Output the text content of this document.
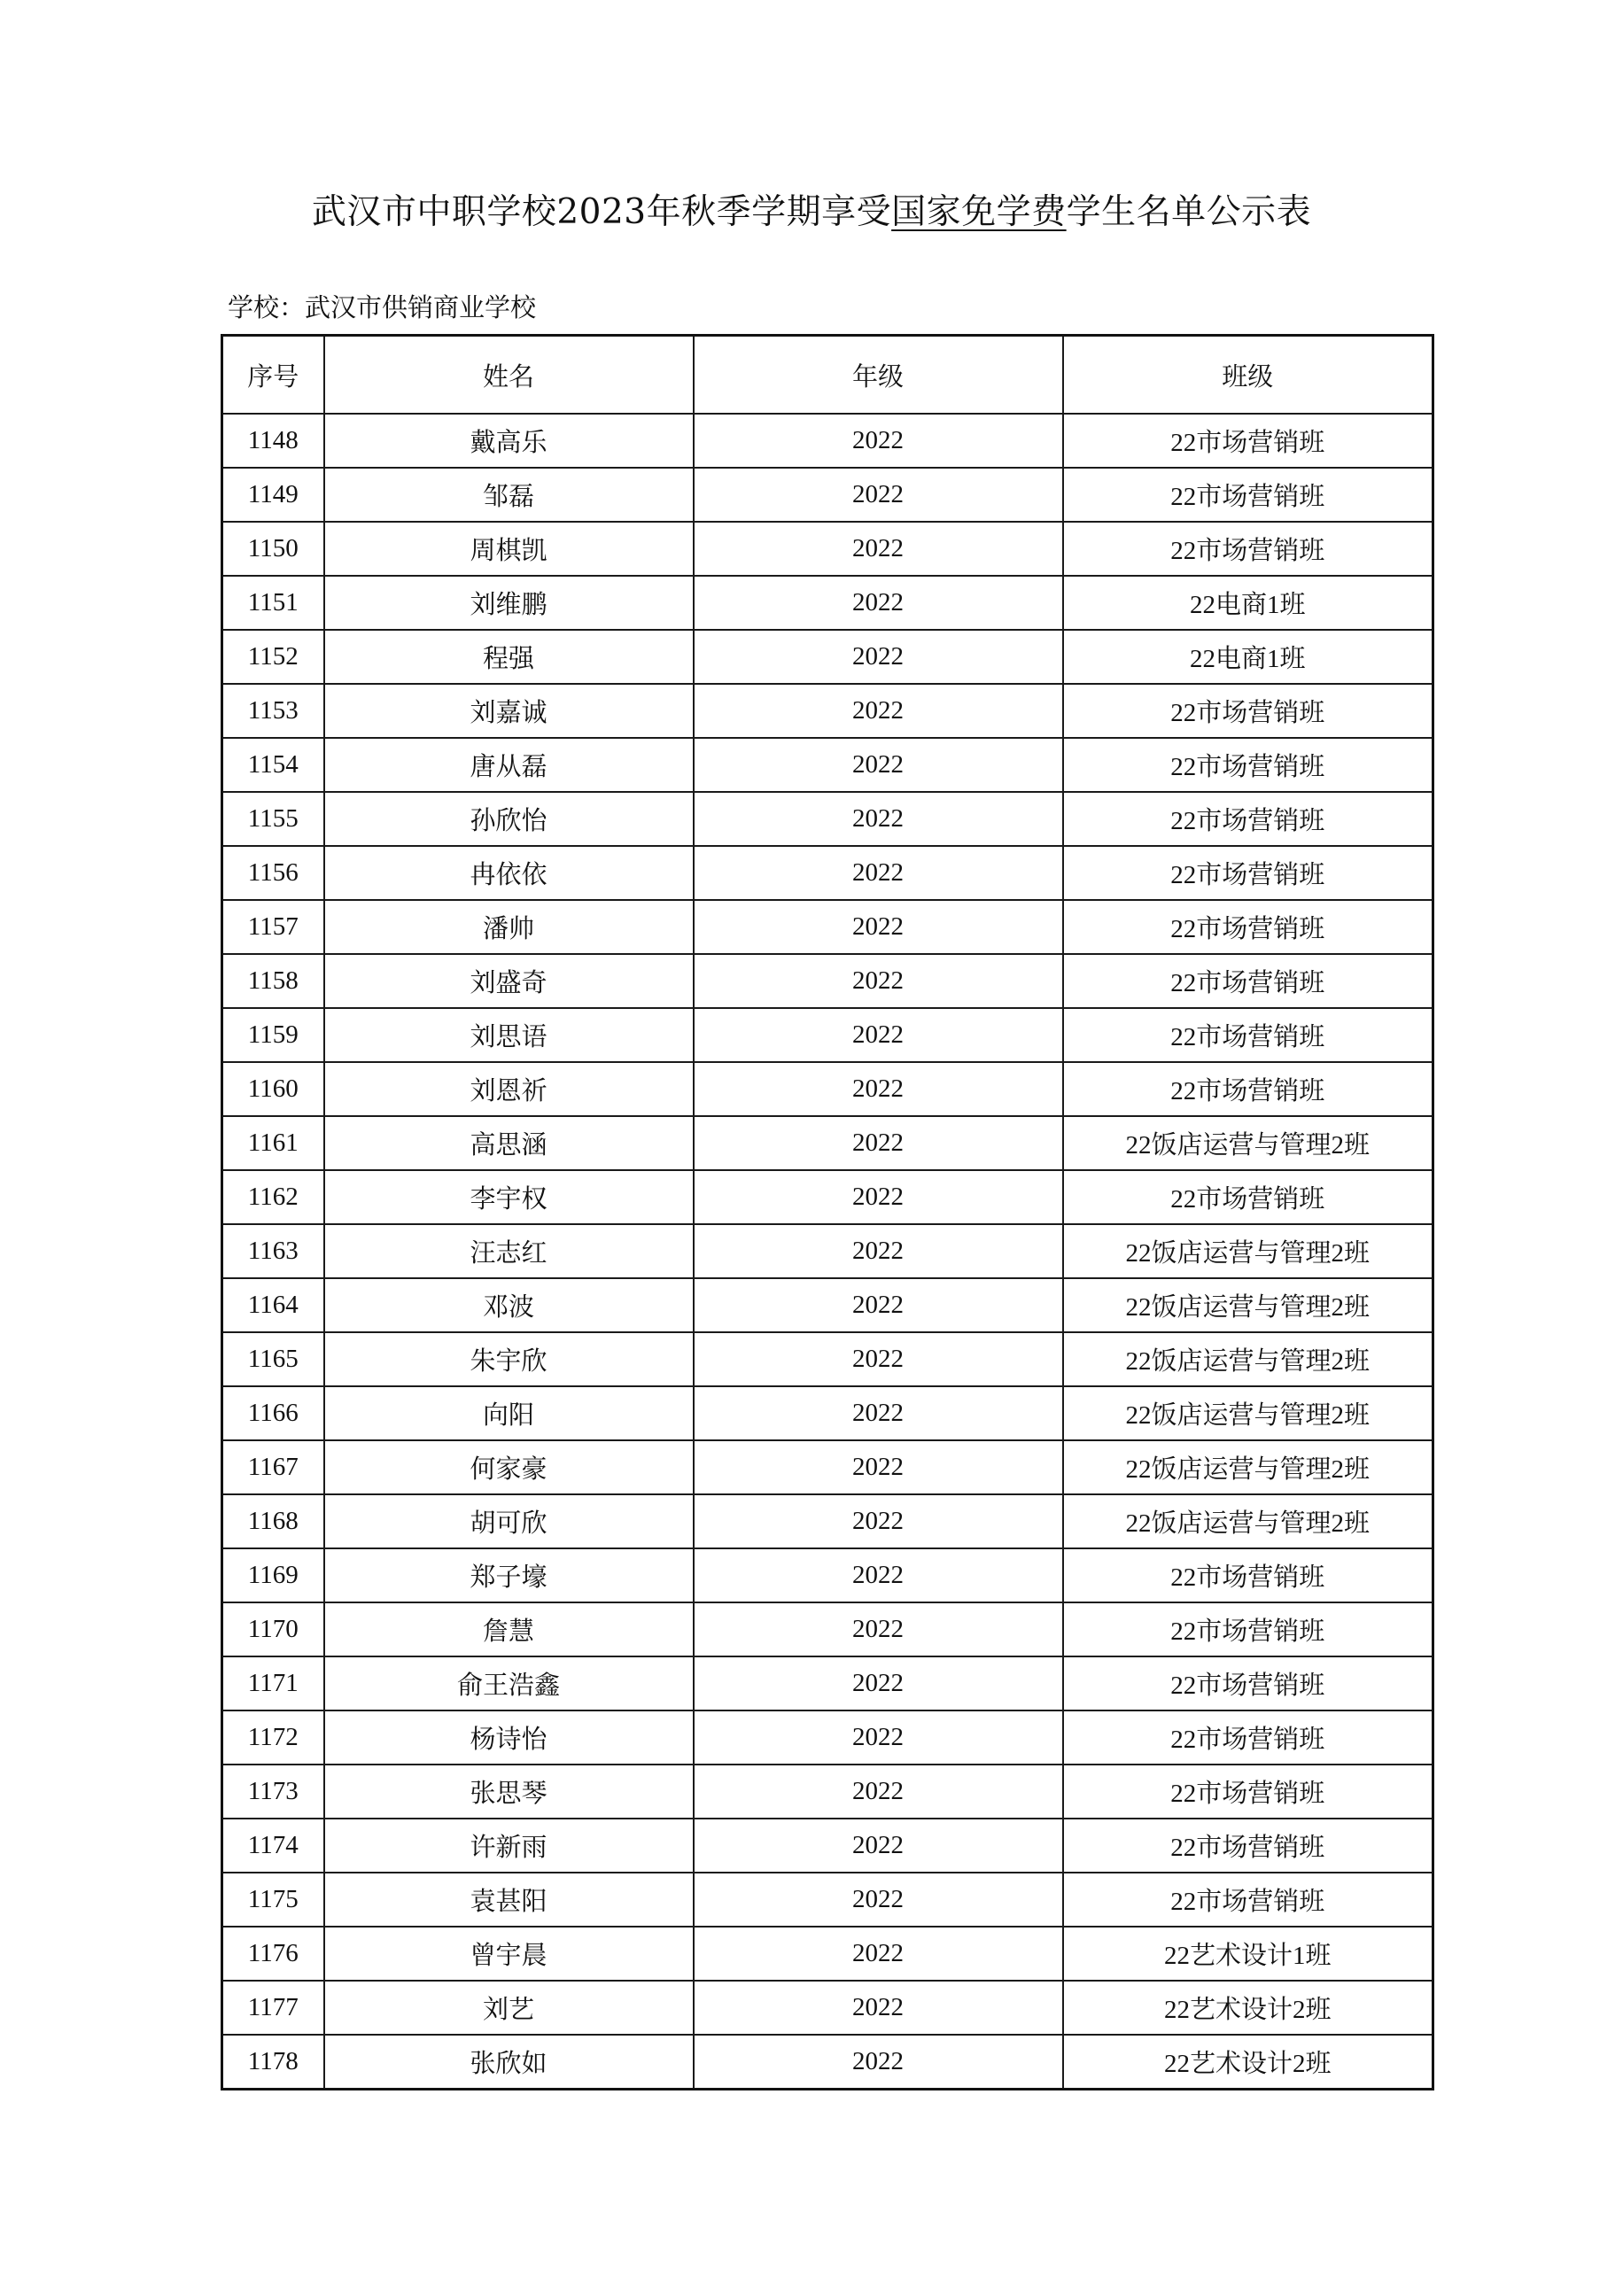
武汉市中职学校2023年秋季学期享受国家免学费学生名单公示表
学校：武汉市供销商业学校
序号	姓名	年级	班级
1148	戴高乐	2022	22市场营销班
1149	邹磊	2022	22市场营销班
1150	周棋凯	2022	22市场营销班
1151	刘维鹏	2022	22电商1班
1152	程强	2022	22电商1班
1153	刘嘉诚	2022	22市场营销班
1154	唐从磊	2022	22市场营销班
1155	孙欣怡	2022	22市场营销班
1156	冉依依	2022	22市场营销班
1157	潘帅	2022	22市场营销班
1158	刘盛奇	2022	22市场营销班
1159	刘思语	2022	22市场营销班
1160	刘恩祈	2022	22市场营销班
1161	高思涵	2022	22饭店运营与管理2班
1162	李宇权	2022	22市场营销班
1163	汪志红	2022	22饭店运营与管理2班
1164	邓波	2022	22饭店运营与管理2班
1165	朱宇欣	2022	22饭店运营与管理2班
1166	向阳	2022	22饭店运营与管理2班
1167	何家豪	2022	22饭店运营与管理2班
1168	胡可欣	2022	22饭店运营与管理2班
1169	郑子壕	2022	22市场营销班
1170	詹慧	2022	22市场营销班
1171	俞王浩鑫	2022	22市场营销班
1172	杨诗怡	2022	22市场营销班
1173	张思琴	2022	22市场营销班
1174	许新雨	2022	22市场营销班
1175	袁甚阳	2022	22市场营销班
1176	曾宇晨	2022	22艺术设计1班
1177	刘艺	2022	22艺术设计2班
1178	张欣如	2022	22艺术设计2班
